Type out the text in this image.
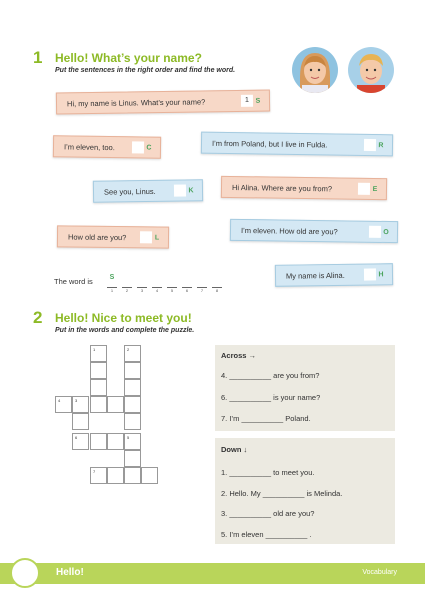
1 Hello! What’s your name?
Put the sentences in the right order and find the word.
Hi, my name is Linus. What’s your name?	1 S
I’m eleven, too.	C	I’m from Poland, but I live in Fulda.	R
See you, Linus.	K	Hi Alina. Where are you from?	E
How old are you?	L
I’m eleven. How old are you?	O
My name is Alina.	H
The word is	S
1	2	3	4	5	6	7	8
2 Hello! Nice to meet you!
Put in the words and complete the puzzle.
1	2
4	3
6	5
7
Across →
4. __________ are you from?
6. __________ is your name?
7. I’m __________ Poland.
Down ↓
1. __________ to meet you.
2. Hello. My __________ is Melinda.
3. __________ old are you?
5. I’m eleven __________ .
Hello!	Vocabulary
